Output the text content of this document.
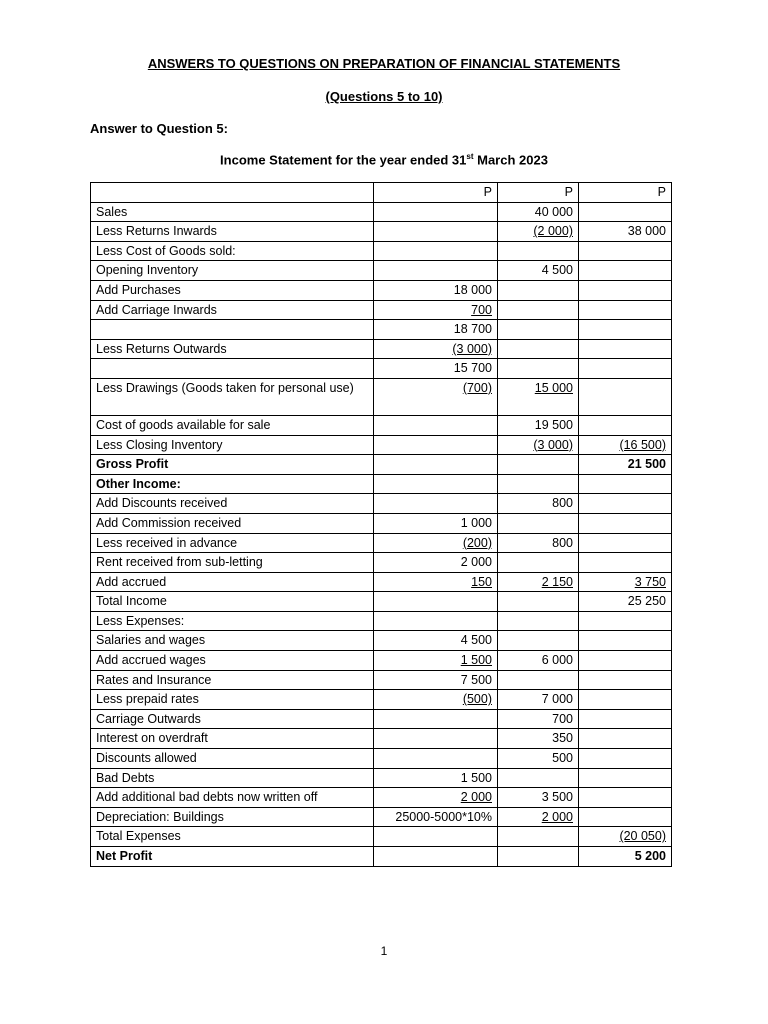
ANSWERS TO QUESTIONS ON PREPARATION OF FINANCIAL STATEMENTS
(Questions 5 to 10)
Answer to Question 5:
Income Statement for the year ended 31st March 2023
	P	P	P
Sales		40 000	
Less Returns Inwards		(2 000)	38 000
Less Cost of Goods sold:			
Opening Inventory		4 500	
Add Purchases	18 000		
Add Carriage Inwards	700		
	18 700		
Less Returns Outwards	(3 000)		
	15 700		
Less Drawings (Goods taken for personal use)	(700)	15 000	
Cost of goods available for sale		19 500	
Less Closing Inventory		(3 000)	(16 500)
Gross Profit			21 500
Other Income:			
Add Discounts received		800	
Add Commission received	1 000		
Less received in advance	(200)	800	
Rent received from sub-letting	2 000		
Add accrued	150	2 150	3 750
Total Income			25 250
Less Expenses:			
Salaries and wages	4 500		
Add accrued wages	1 500	6 000	
Rates and Insurance	7 500		
Less prepaid rates	(500)	7 000	
Carriage Outwards		700	
Interest on overdraft		350	
Discounts allowed		500	
Bad Debts	1 500		
Add additional bad debts now written off	2 000	3 500	
Depreciation: Buildings	25000-5000*10%	2 000	
Total Expenses			(20 050)
Net Profit			5 200
1
